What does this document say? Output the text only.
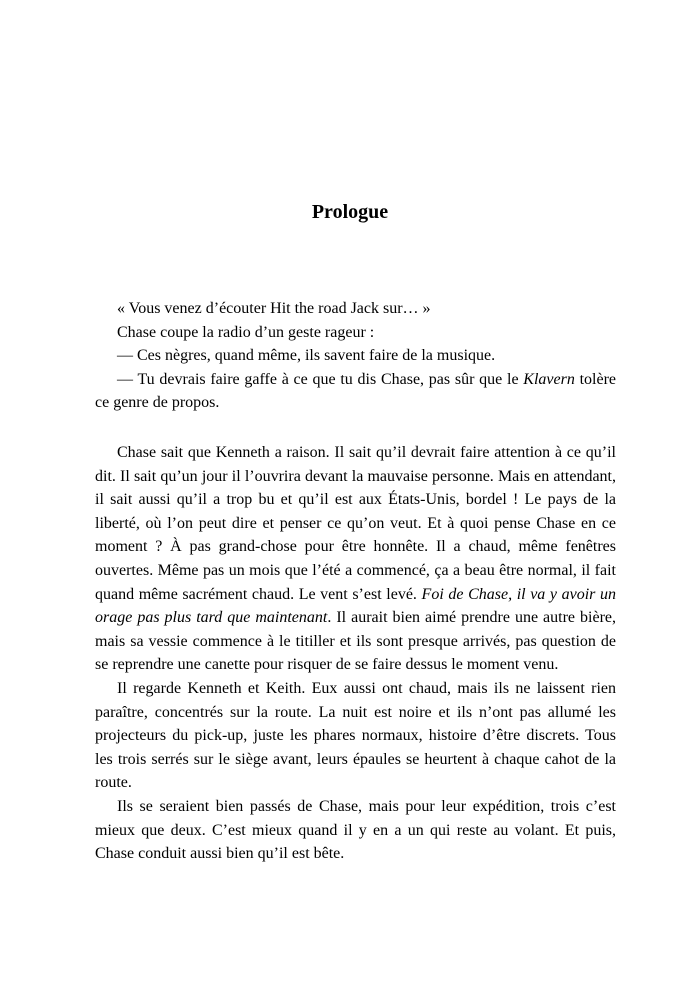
Prologue

« Vous venez d’écouter Hit the road Jack sur… »

Chase coupe la radio d’un geste rageur :

— Ces nègres, quand même, ils savent faire de la musique.

— Tu devrais faire gaffe à ce que tu dis Chase, pas sûr que le Klavern tolère ce genre de propos.

Chase sait que Kenneth a raison. Il sait qu’il devrait faire attention à ce qu’il dit. Il sait qu’un jour il l’ouvrira devant la mauvaise personne. Mais en attendant, il sait aussi qu’il a trop bu et qu’il est aux États-Unis, bordel ! Le pays de la liberté, où l’on peut dire et penser ce qu’on veut. Et à quoi pense Chase en ce moment ? À pas grand-chose pour être honnête. Il a chaud, même fenêtres ouvertes. Même pas un mois que l’été a commencé, ça a beau être normal, il fait quand même sacrément chaud. Le vent s’est levé. Foi de Chase, il va y avoir un orage pas plus tard que maintenant. Il aurait bien aimé prendre une autre bière, mais sa vessie commence à le titiller et ils sont presque arrivés, pas question de se reprendre une canette pour risquer de se faire dessus le moment venu.

Il regarde Kenneth et Keith. Eux aussi ont chaud, mais ils ne laissent rien paraître, concentrés sur la route. La nuit est noire et ils n’ont pas allumé les projecteurs du pick-up, juste les phares normaux, histoire d’être discrets. Tous les trois serrés sur le siège avant, leurs épaules se heurtent à chaque cahot de la route.

Ils se seraient bien passés de Chase, mais pour leur expédition, trois c’est mieux que deux. C’est mieux quand il y en a un qui reste au volant. Et puis, Chase conduit aussi bien qu’il est bête.
